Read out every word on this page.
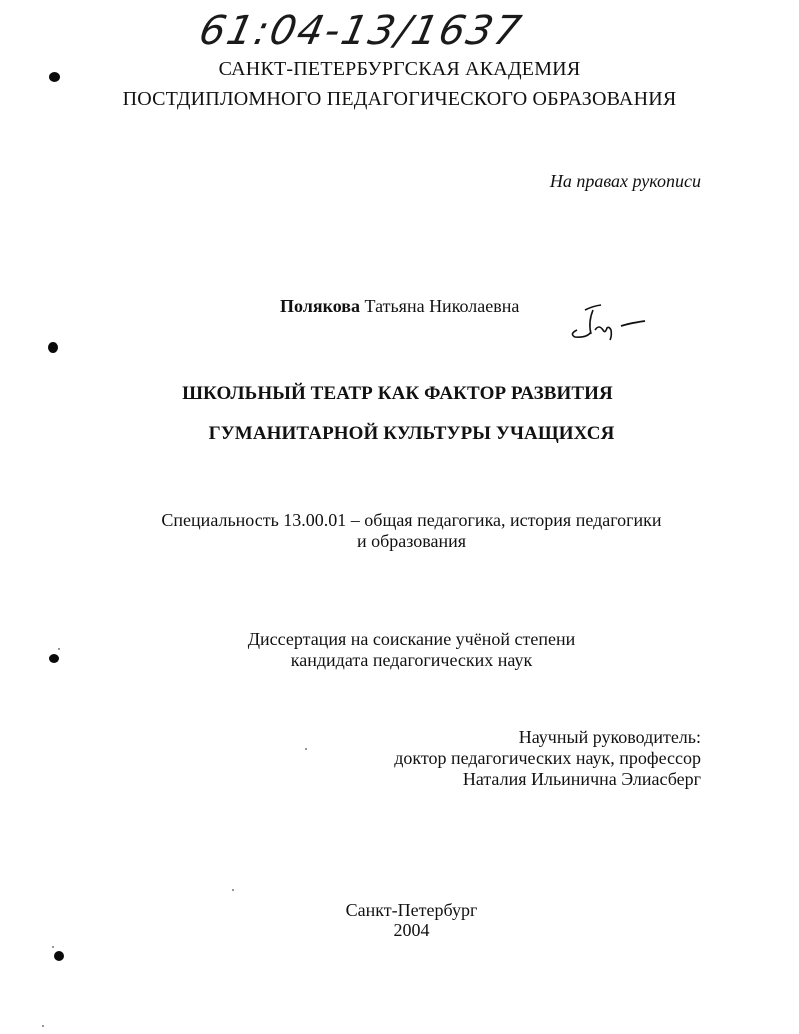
61:04-13/1637
САНКТ-ПЕТЕРБУРГСКАЯ АКАДЕМИЯ
ПОСТДИПЛОМНОГО ПЕДАГОГИЧЕСКОГО ОБРАЗОВАНИЯ
На правах рукописи
Полякова Татьяна Николаевна
ШКОЛЬНЫЙ ТЕАТР КАК ФАКТОР РАЗВИТИЯ
ГУМАНИТАРНОЙ КУЛЬТУРЫ УЧАЩИХСЯ
Специальность 13.00.01 – общая педагогика, история педагогики
и образования
Диссертация на соискание учёной степени
кандидата педагогических наук
Научный руководитель:
доктор педагогических наук, профессор
Наталия Ильинична Элиасберг
Санкт-Петербург
2004
